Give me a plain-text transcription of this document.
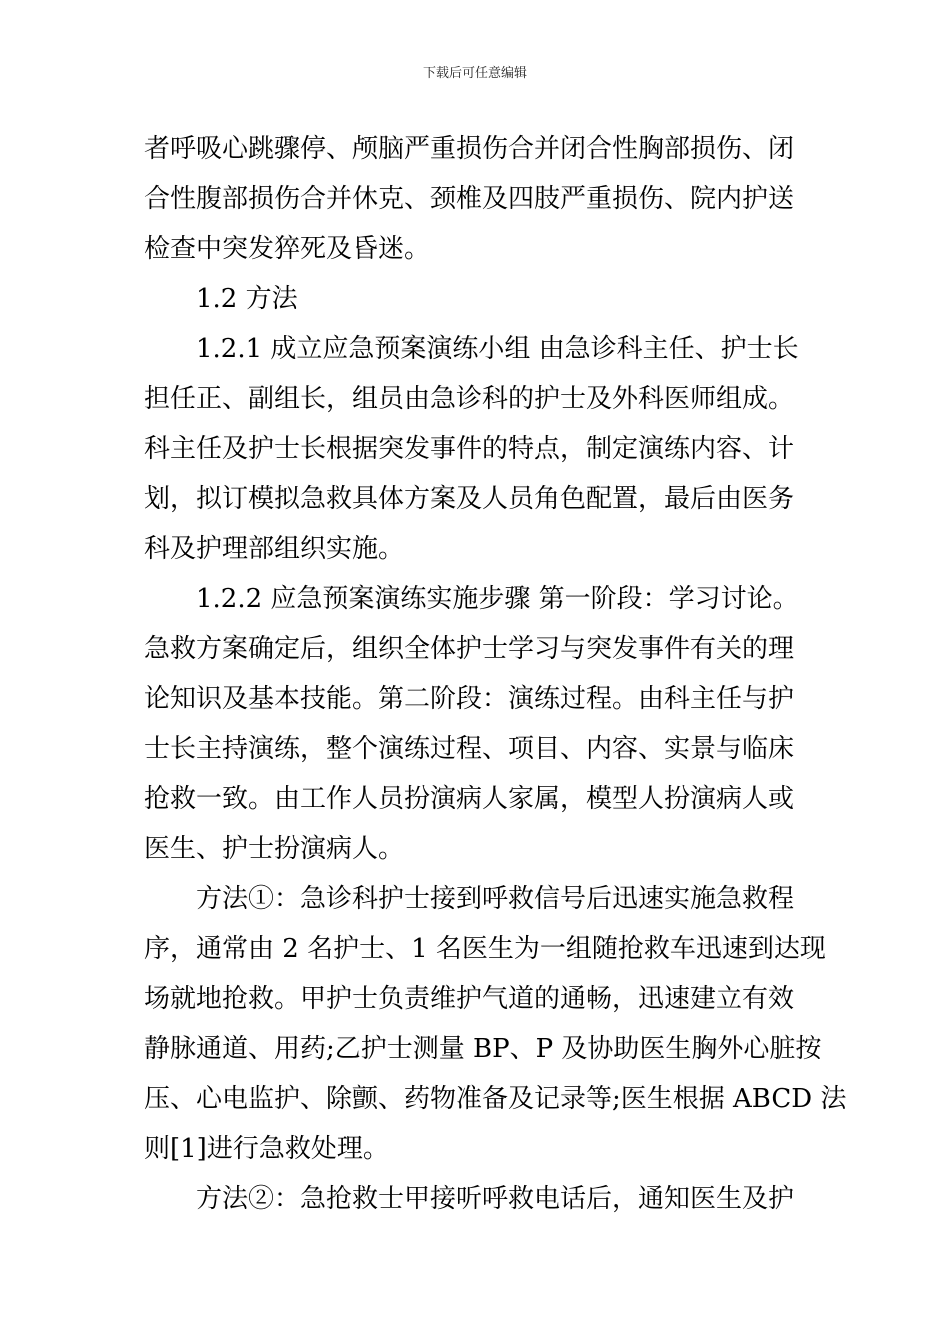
下载后可任意编辑
者呼吸心跳骤停、颅脑严重损伤合并闭合性胸部损伤、闭
合性腹部损伤合并休克、颈椎及四肢严重损伤、院内护送
检查中突发猝死及昏迷。
1.2 方法
1.2.1 成立应急预案演练小组 由急诊科主任、护士长
担任正、副组长，组员由急诊科的护士及外科医师组成。
科主任及护士长根据突发事件的特点，制定演练内容、计
划，拟订模拟急救具体方案及人员角色配置，最后由医务
科及护理部组织实施。
1.2.2 应急预案演练实施步骤 第一阶段：学习讨论。
急救方案确定后，组织全体护士学习与突发事件有关的理
论知识及基本技能。第二阶段：演练过程。由科主任与护
士长主持演练，整个演练过程、项目、内容、实景与临床
抢救一致。由工作人员扮演病人家属，模型人扮演病人或
医生、护士扮演病人。
方法①：急诊科护士接到呼救信号后迅速实施急救程
序，通常由 2 名护士、1 名医生为一组随抢救车迅速到达现
场就地抢救。甲护士负责维护气道的通畅，迅速建立有效
静脉通道、用药;乙护士测量 BP、P 及协助医生胸外心脏按
压、心电监护、除颤、药物准备及记录等;医生根据 ABCD 法
则[1]进行急救处理。
方法②：急抢救士甲接听呼救电话后，通知医生及护
